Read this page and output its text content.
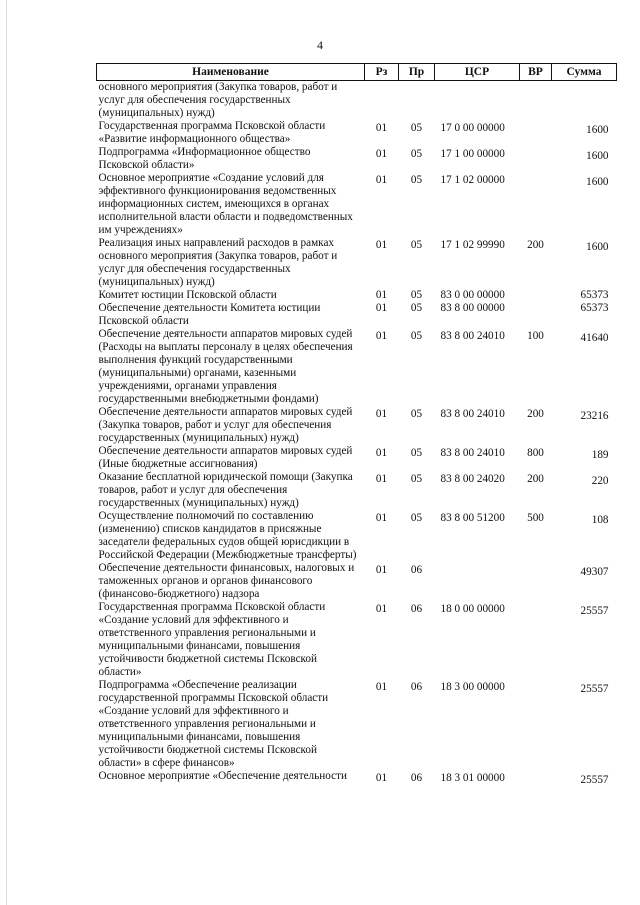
4
Наименование	Рз	Пр	ЦСР	ВР	Сумма
основного мероприятия (Закупка товаров, работ и услуг для обеспечения государственных (муниципальных) нужд)					
Государственная программа Псковской области «Развитие информационного общества»	01	05	17 0 00 00000		1600
Подпрограмма «Информационное общество Псковской области»	01	05	17 1 00 00000		1600
Основное мероприятие «Создание условий для эффективного функционирования ведомственных информационных систем, имеющихся в органах исполнительной власти области и подведомственных им учреждениях»	01	05	17 1 02 00000		1600
Реализация иных направлений расходов в рамках основного мероприятия (Закупка товаров, работ и услуг для обеспечения государственных (муниципальных) нужд)	01	05	17 1 02 99990	200	1600
Комитет юстиции Псковской области	01	05	83 0 00 00000		65373
Обеспечение деятельности Комитета юстиции Псковской области	01	05	83 8 00 00000		65373
Обеспечение деятельности аппаратов мировых судей (Расходы на выплаты персоналу в целях обеспечения выполнения функций государственными (муниципальными) органами, казенными учреждениями, органами управления государственными внебюджетными фондами)	01	05	83 8 00 24010	100	41640
Обеспечение деятельности аппаратов мировых судей (Закупка товаров, работ и услуг для обеспечения государственных (муниципальных) нужд)	01	05	83 8 00 24010	200	23216
Обеспечение деятельности аппаратов мировых судей (Иные бюджетные ассигнования)	01	05	83 8 00 24010	800	189
Оказание бесплатной юридической помощи (Закупка товаров, работ и услуг для обеспечения государственных (муниципальных) нужд)	01	05	83 8 00 24020	200	220
Осуществление полномочий по составлению (изменению) списков кандидатов в присяжные заседатели федеральных судов общей юрисдикции в Российской Федерации (Межбюджетные трансферты)	01	05	83 8 00 51200	500	108
Обеспечение деятельности финансовых, налоговых и таможенных органов и органов финансового (финансово-бюджетного) надзора	01	06			49307
Государственная программа Псковской области «Создание условий для эффективного и ответственного управления региональными и муниципальными финансами, повышения устойчивости бюджетной системы Псковской области»	01	06	18 0 00 00000		25557
Подпрограмма «Обеспечение реализации государственной программы Псковской области «Создание условий для эффективного и ответственного управления региональными и муниципальными финансами, повышения устойчивости бюджетной системы Псковской области» в сфере финансов»	01	06	18 3 00 00000		25557
Основное мероприятие «Обеспечение деятельности	01	06	18 3 01 00000		25557
